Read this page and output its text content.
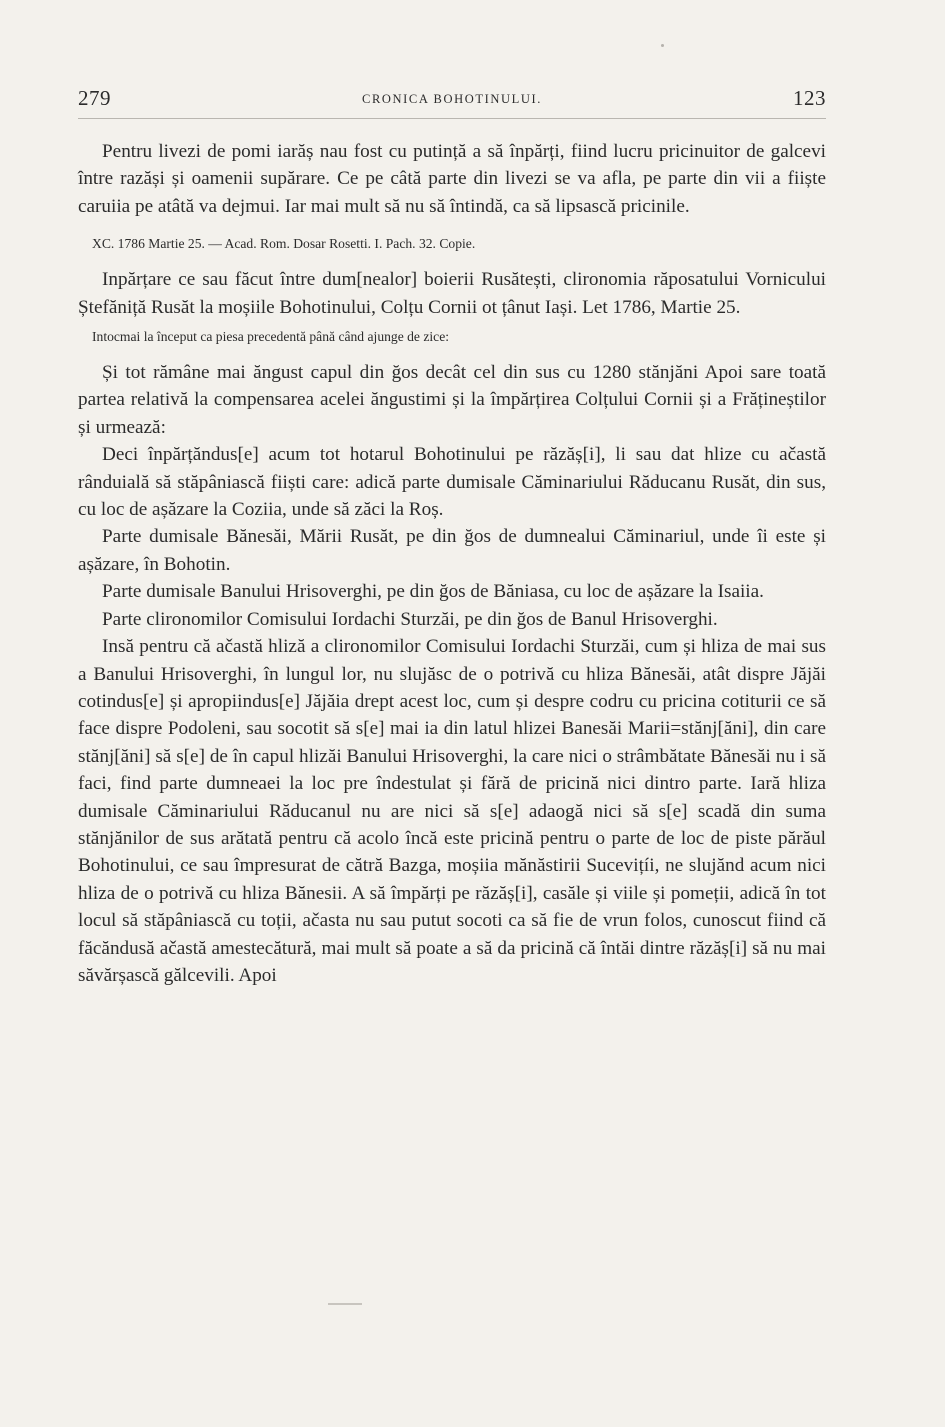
279	CRONICA BOHOTINULUI.	123

Pentru livezi de pomi iarăș nau fost cu putință a să înpărți, fiind lucru pricinuitor de galcevi între razăși și oamenii supărare. Ce pe câtă parte din livezi se va afla, pe parte din vii a fiiște caruiia pe atâtă va dejmui. Iar mai mult să nu să întindă, ca să lipsască pricinile.

XC. 1786 Martie 25. — Acad. Rom. Dosar Rosetti. I. Pach. 32. Copie.

Inpărțare ce sau făcut între dum[nealor] boierii Rusătești, clironomia răposatului Vornicului Ștefăniță Rusăt la moșiile Bohotinului, Colțu Cornii ot țânut Iași. Let 1786, Martie 25.

Intocmai la început ca piesa precedentă până când ajunge de zice:

Și tot rămâne mai ăngust capul din ğos decât cel din sus cu 1280 stănjăni Apoi sare toată partea relativă la compensarea acelei ăngustimi și la împărțirea Colțului Cornii și a Frățineștilor și urmează:

Deci înpărțăndus[e] acum tot hotarul Bohotinului pe răzăș[i], li sau dat hlize cu ačastă rânduială să stăpâniască fiiști care: adică parte dumisale Căminariului Răducanu Rusăt, din sus, cu loc de așăzare la Coziia, unde să zăci la Roș.

Parte dumisale Bănesăi, Mării Rusăt, pe din ğos de dumnealui Căminariul, unde îi este și așăzare, în Bohotin.

Parte dumisale Banului Hrisoverghi, pe din ğos de Băniasa, cu loc de așăzare la Isaiia.

Parte clironomilor Comisului Iordachi Sturzăi, pe din ğos de Banul Hrisoverghi.

Insă pentru că ačastă hliză a clironomilor Comisului Iordachi Sturzăi, cum și hliza de mai sus a Banului Hrisoverghi, în lungul lor, nu slujăsc de o potrivă cu hliza Bănesăi, atât dispre Jăjăi cotindus[e] și apropiindus[e] Jăjăia drept acest loc, cum și despre codru cu pricina cotiturii ce să face dispre Podoleni, sau socotit să s[e] mai ia din latul hlizei Banesăi Marii=stănj[ăni], din care stănj[ăni] să s[e] de în capul hlizăi Banului Hrisoverghi, la care nici o strâmbătate Bănesăi nu i să faci, find parte dumneaei la loc pre îndestulat și fără de pricină nici dintro parte. Iară hliza dumisale Căminariului Răducanul nu are nici să s[e] adaogă nici să s[e] scadă din suma stănjănilor de sus arătată pentru că acolo încă este pricină pentru o parte de loc de piste părăul Bohotinului, ce sau împresurat de cătră Bazga, moșiia mănăstirii Sucevițíi, ne slujănd acum nici hliza de o potrivă cu hliza Bănesii. A să împărți pe răzăș[i], casăle și viile și pomeții, adică în tot locul să stăpâniască cu toții, ačasta nu sau putut socoti ca să fie de vrun folos, cunoscut fiind că făcăndusă ačastă amestecătură, mai mult să poate a să da pricină că întăi dintre răzăș[i] să nu mai săvărșască gălcevili. Apoi
